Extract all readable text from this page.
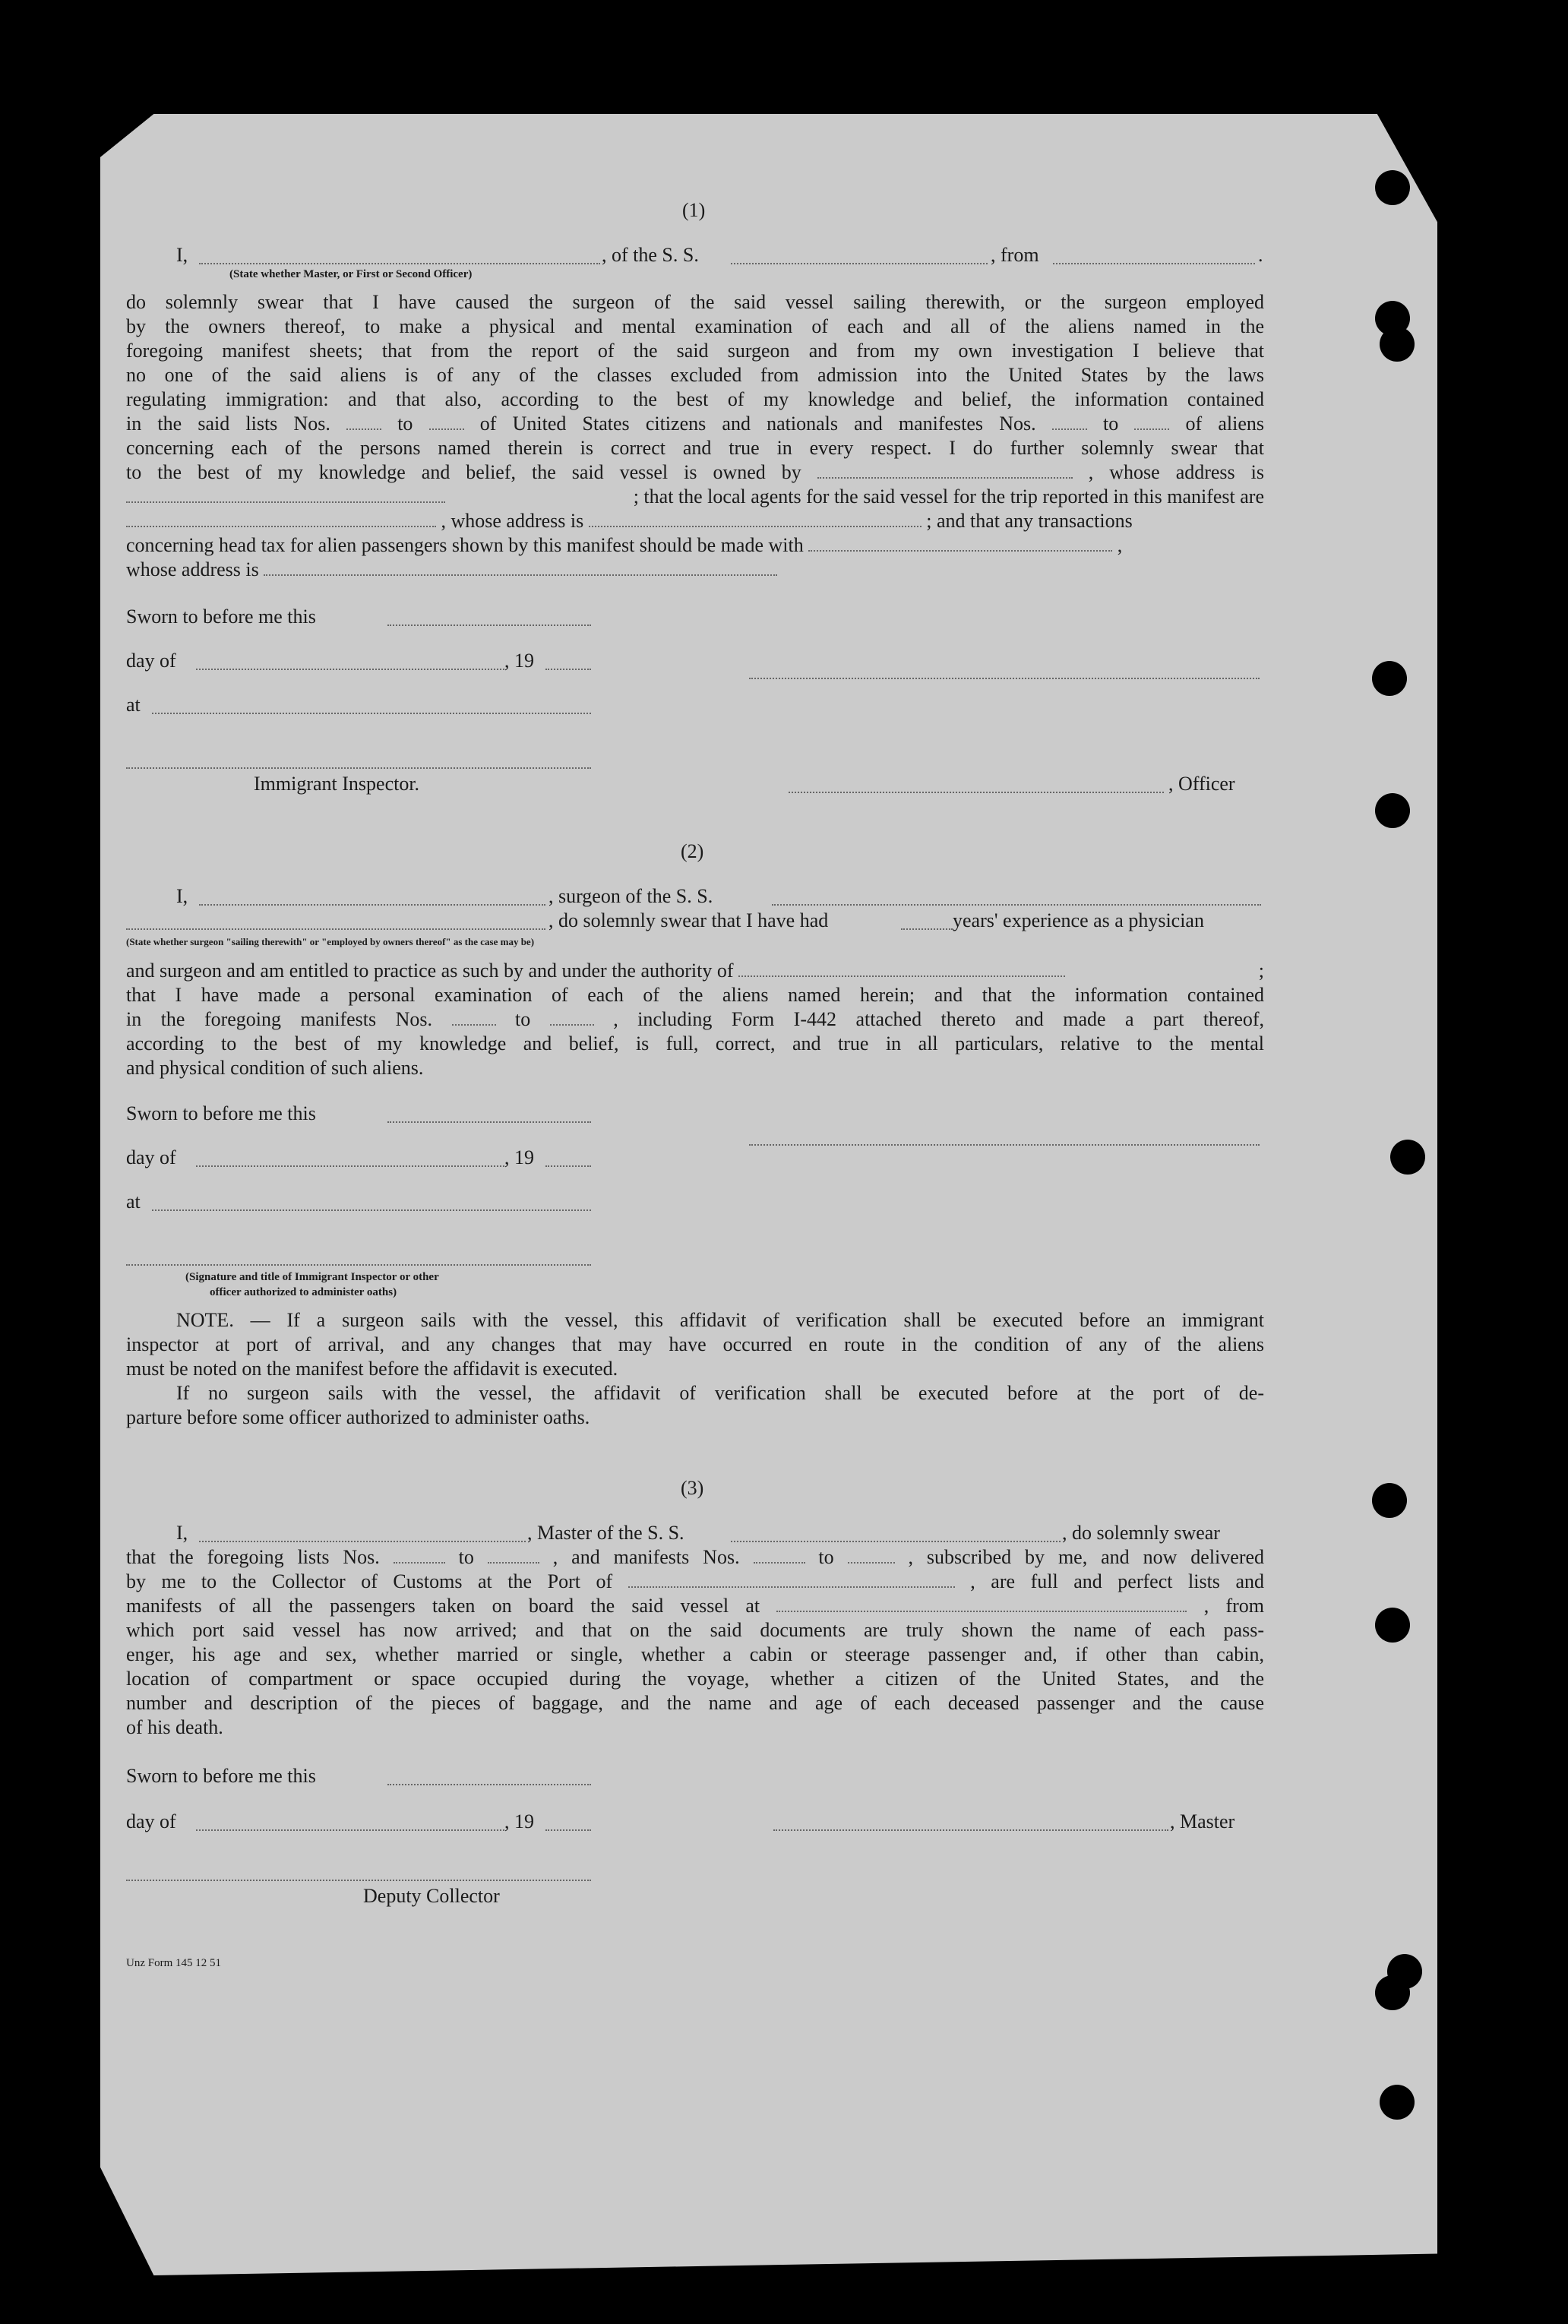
(1)
I,	, of the S. S.	, from	.
(State whether Master, or First or Second Officer)
do solemnly swear that I have caused the surgeon of the said vessel sailing therewith, or the surgeon employed
by the owners thereof, to make a physical and mental examination of each and all of the aliens named in the
foregoing manifest sheets; that from the report of the said surgeon and from my own investigation I believe that
no one of the said aliens is of any of the classes excluded from admission into the United States by the laws
regulating immigration: and that also, according to the best of my knowledge and belief, the information contained
in the said lists Nos.	to	of United States citizens and nationals and manifestes Nos.	to	of aliens
concerning each of the persons named therein is correct and true in every respect. I do further solemnly swear that
to the best of my knowledge and belief, the said vessel is owned by	, whose address is
; that the local agents for the said vessel for the trip reported in this manifest are
, whose address is	; and that any transactions
concerning head tax for alien passengers shown by this manifest should be made with	,
whose address is
Sworn to before me this
day of	, 19
at
Immigrant Inspector.	, Officer
(2)
I,	, surgeon of the S. S.
, do solemnly swear that I have had	years' experience as a physician
(State whether surgeon "sailing therewith" or "employed by owners thereof" as the case may be)
and surgeon and am entitled to practice as such by and under the authority of	;
that I have made a personal examination of each of the aliens named herein; and that the information contained
in the foregoing manifests Nos.	to	, including Form I-442 attached thereto and made a part thereof,
according to the best of my knowledge and belief, is full, correct, and true in all particulars, relative to the mental
and physical condition of such aliens.
Sworn to before me this
day of	, 19
at
(Signature and title of Immigrant Inspector or other
officer authorized to administer oaths)
NOTE. — If a surgeon sails with the vessel, this affidavit of verification shall be executed before an immigrant
inspector at port of arrival, and any changes that may have occurred en route in the condition of any of the aliens
must be noted on the manifest before the affidavit is executed.
If no surgeon sails with the vessel, the affidavit of verification shall be executed before at the port of de-
parture before some officer authorized to administer oaths.
(3)
I,	, Master of the S. S.	, do solemnly swear
that the foregoing lists Nos.	to	, and manifests Nos.	to	, subscribed by me, and now delivered
by me to the Collector of Customs at the Port of	, are full and perfect lists and
manifests of all the passengers taken on board the said vessel at	, from
which port said vessel has now arrived; and that on the said documents are truly shown the name of each pass-
enger, his age and sex, whether married or single, whether a cabin or steerage passenger and, if other than cabin,
location of compartment or space occupied during the voyage, whether a citizen of the United States, and the
number and description of the pieces of baggage, and the name and age of each deceased passenger and the cause
of his death.
Sworn to before me this
day of	, 19	, Master
Deputy Collector
Unz Form 145 12 51
